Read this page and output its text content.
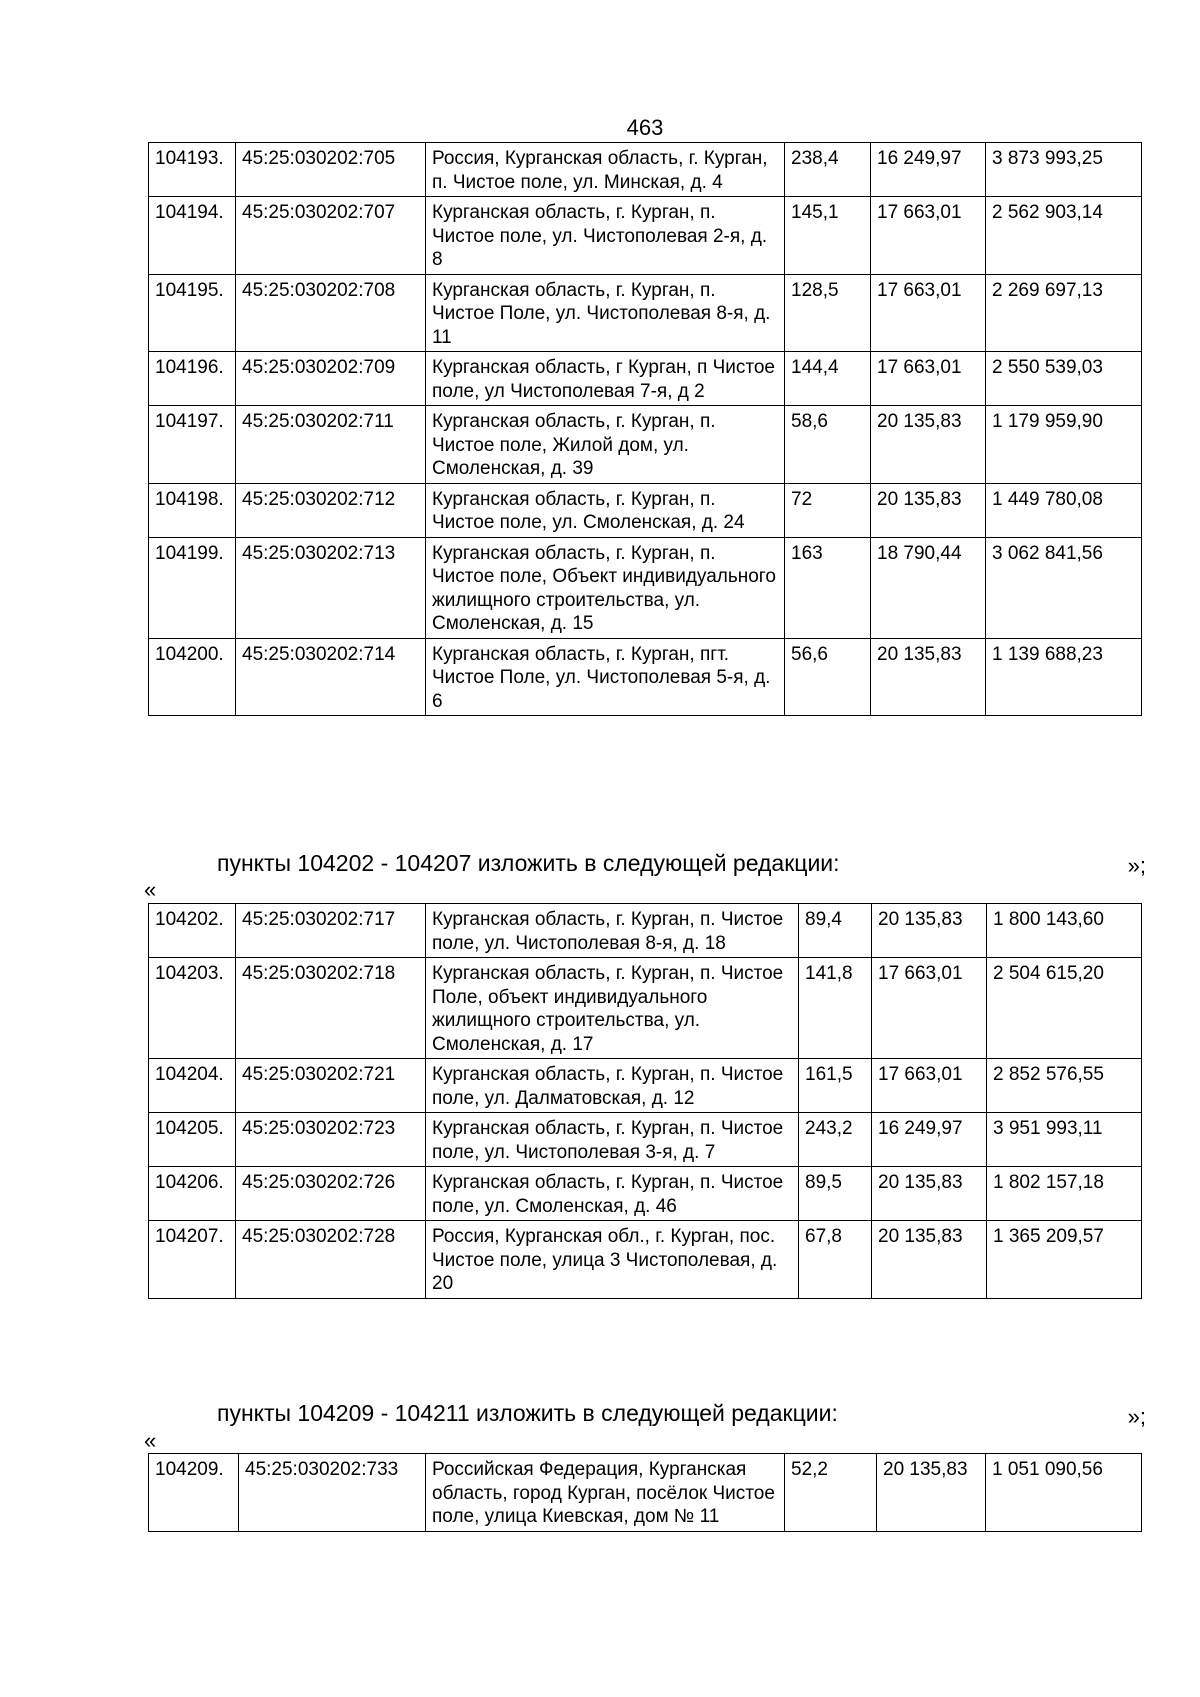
463
104193.	45:25:030202:705	Россия, Курганская область, г. Курган, п. Чистое поле, ул. Минская, д. 4	238,4	16 249,97	3 873 993,25
104194.	45:25:030202:707	Курганская область, г. Курган, п. Чистое поле, ул. Чистополевая 2-я, д. 8	145,1	17 663,01	2 562 903,14
104195.	45:25:030202:708	Курганская область, г. Курган, п. Чистое Поле, ул. Чистополевая 8-я, д. 11	128,5	17 663,01	2 269 697,13
104196.	45:25:030202:709	Курганская область, г Курган, п Чистое поле, ул Чистополевая 7-я, д 2	144,4	17 663,01	2 550 539,03
104197.	45:25:030202:711	Курганская область, г. Курган, п. Чистое поле, Жилой дом, ул. Смоленская, д. 39	58,6	20 135,83	1 179 959,90
104198.	45:25:030202:712	Курганская область, г. Курган, п. Чистое поле, ул. Смоленская, д. 24	72	20 135,83	1 449 780,08
104199.	45:25:030202:713	Курганская область, г. Курган, п. Чистое поле, Объект индивидуального жилищного строительства, ул. Смоленская, д. 15	163	18 790,44	3 062 841,56
104200.	45:25:030202:714	Курганская область, г. Курган, пгт. Чистое Поле, ул. Чистополевая 5-я, д. 6	56,6	20 135,83	1 139 688,23
»;
пункты 104202 - 104207 изложить в следующей редакции:
«
104202.	45:25:030202:717	Курганская область, г. Курган, п. Чистое поле, ул. Чистополевая 8-я, д. 18	89,4	20 135,83	1 800 143,60
104203.	45:25:030202:718	Курганская область, г. Курган, п. Чистое Поле, объект индивидуального жилищного строительства, ул. Смоленская, д. 17	141,8	17 663,01	2 504 615,20
104204.	45:25:030202:721	Курганская область, г. Курган, п. Чистое поле, ул. Далматовская, д. 12	161,5	17 663,01	2 852 576,55
104205.	45:25:030202:723	Курганская область, г. Курган, п. Чистое поле, ул. Чистополевая 3-я, д. 7	243,2	16 249,97	3 951 993,11
104206.	45:25:030202:726	Курганская область, г. Курган, п. Чистое поле, ул. Смоленская, д. 46	89,5	20 135,83	1 802 157,18
104207.	45:25:030202:728	Россия, Курганская обл., г. Курган, пос. Чистое поле, улица 3 Чистополевая, д. 20	67,8	20 135,83	1 365 209,57
»;
пункты 104209 - 104211 изложить в следующей редакции:
«
104209.	45:25:030202:733	Российская Федерация, Курганская область, город Курган, посёлок Чистое поле, улица Киевская, дом № 11	52,2	20 135,83	1 051 090,56
